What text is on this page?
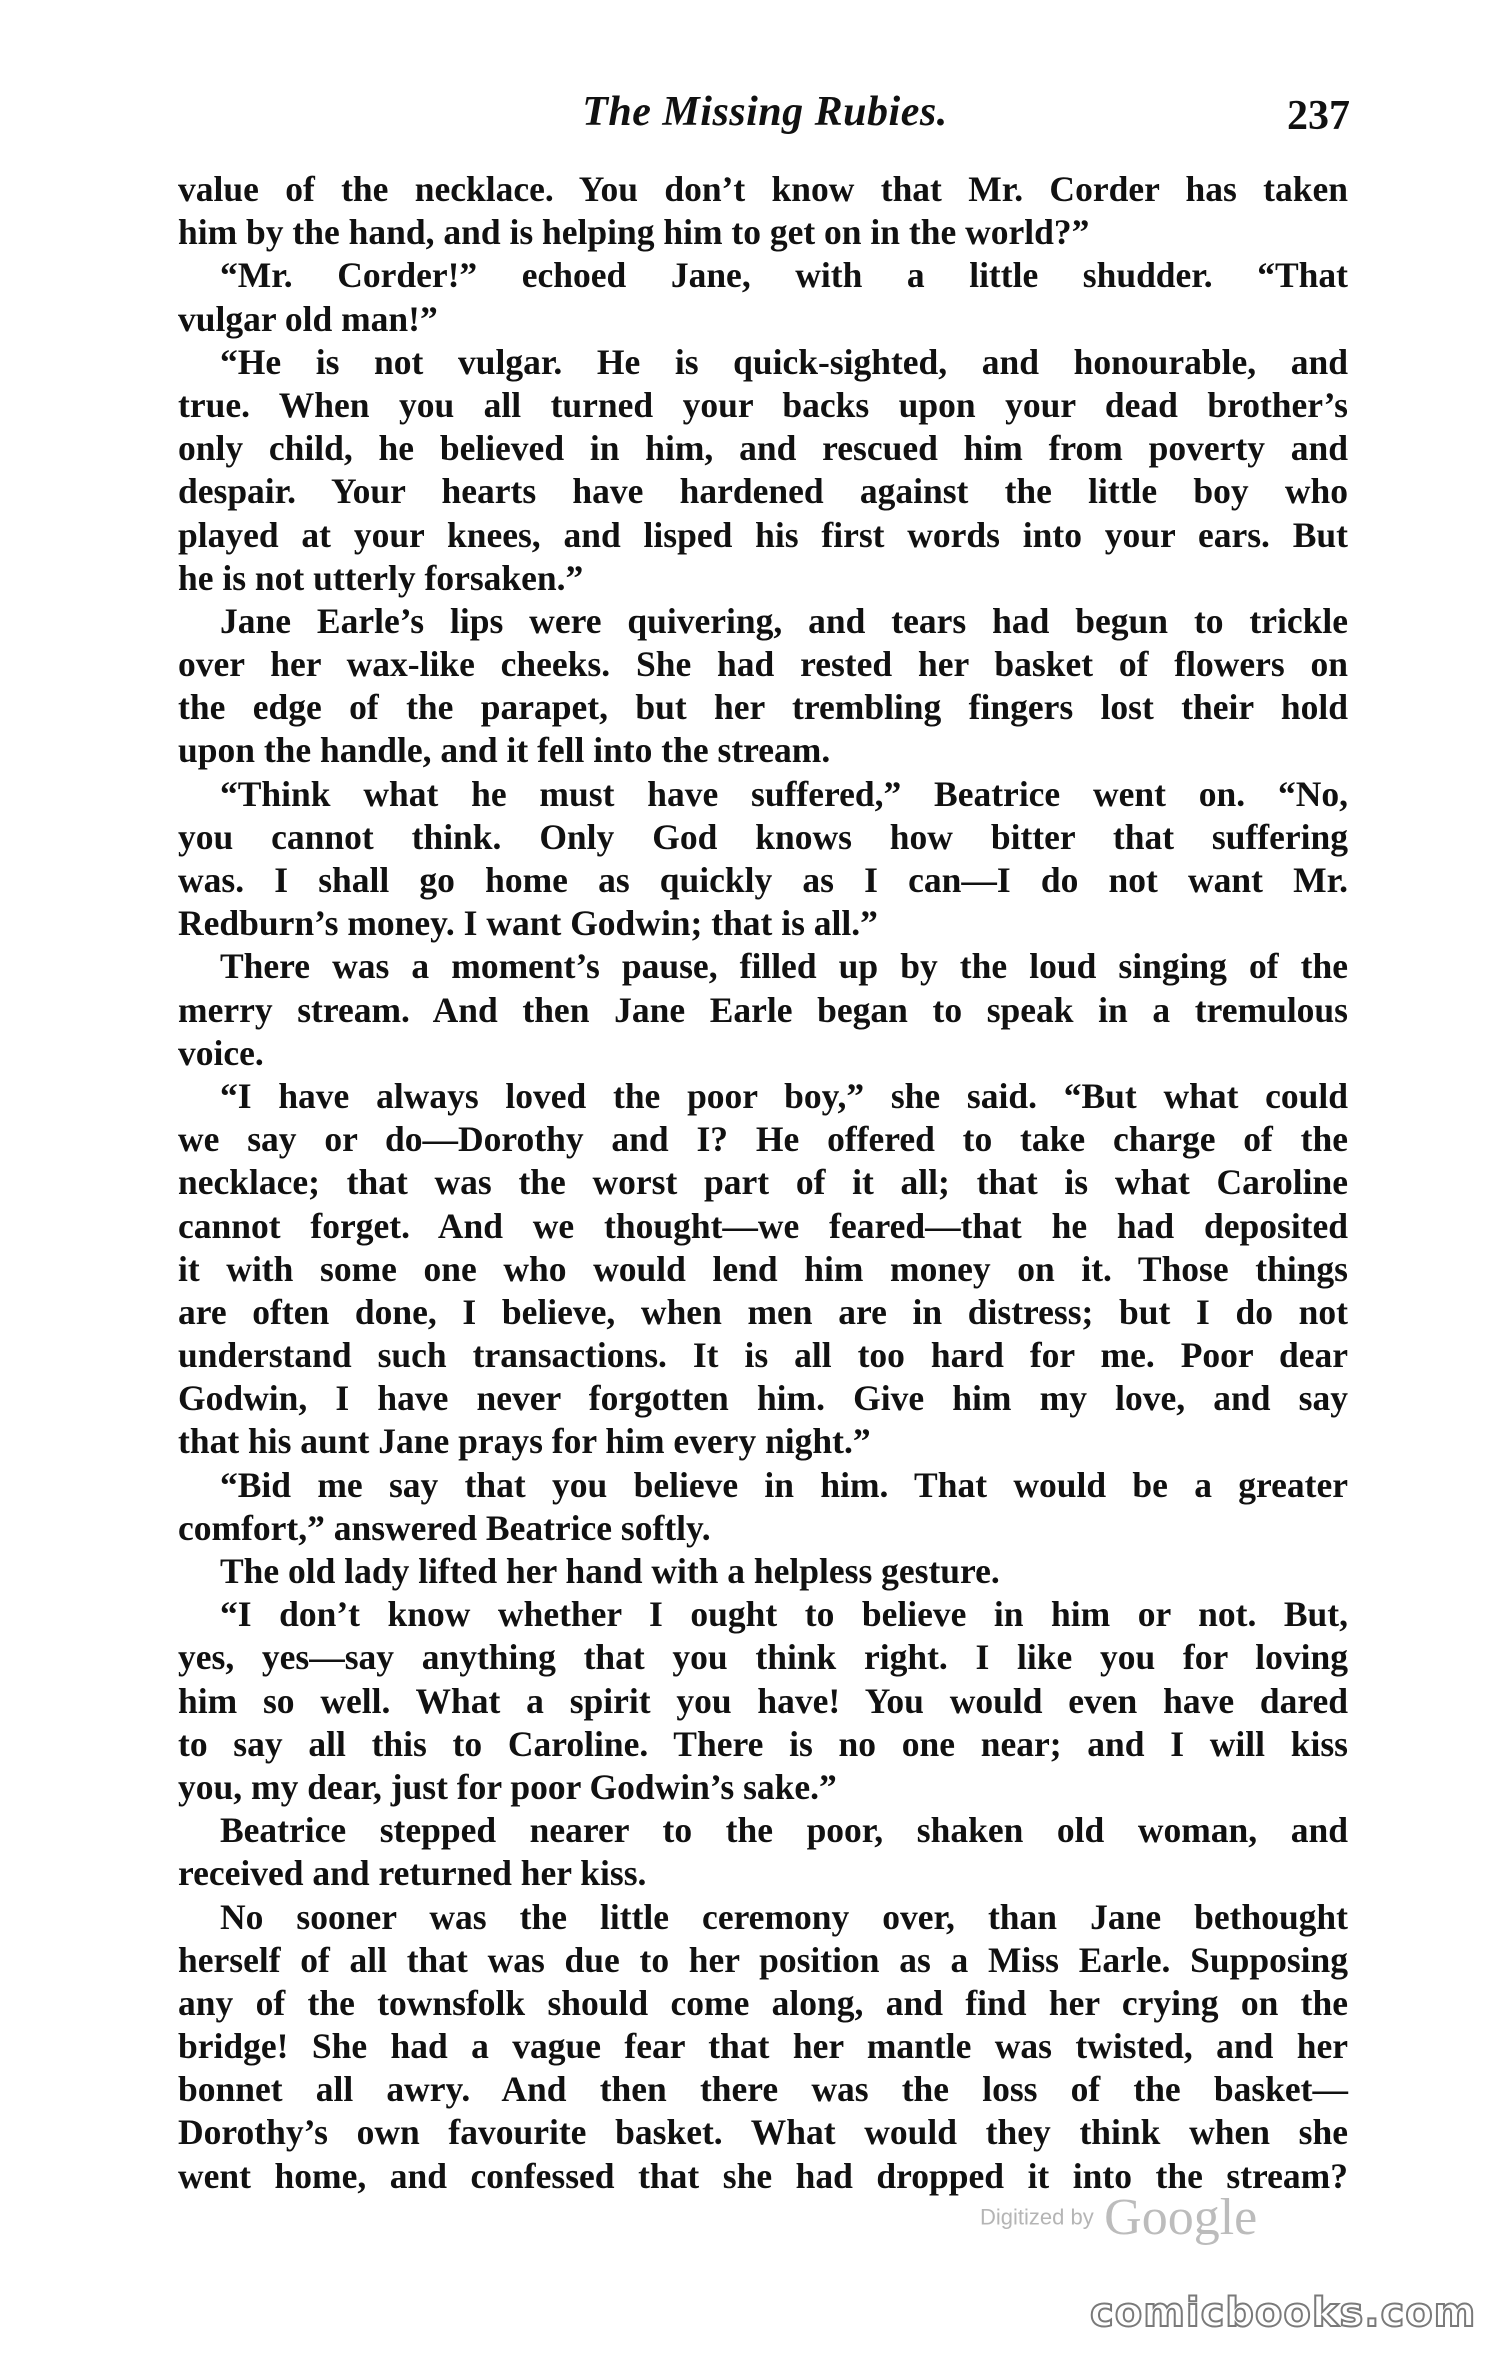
The Missing Rubies.	237
value of the necklace. You don’t know that Mr. Corder has taken
him by the hand, and is helping him to get on in the world?”
“Mr. Corder!” echoed Jane, with a little shudder. “That
vulgar old man!”
“He is not vulgar. He is quick-sighted, and honourable, and
true. When you all turned your backs upon your dead brother’s
only child, he believed in him, and rescued him from poverty and
despair. Your hearts have hardened against the little boy who
played at your knees, and lisped his first words into your ears. But
he is not utterly forsaken.”
Jane Earle’s lips were quivering, and tears had begun to trickle
over her wax-like cheeks. She had rested her basket of flowers on
the edge of the parapet, but her trembling fingers lost their hold
upon the handle, and it fell into the stream.
“Think what he must have suffered,” Beatrice went on. “No,
you cannot think. Only God knows how bitter that suffering
was. I shall go home as quickly as I can—I do not want Mr.
Redburn’s money. I want Godwin; that is all.”
There was a moment’s pause, filled up by the loud singing of the
merry stream. And then Jane Earle began to speak in a tremulous
voice.
“I have always loved the poor boy,” she said. “But what could
we say or do—Dorothy and I? He offered to take charge of the
necklace; that was the worst part of it all; that is what Caroline
cannot forget. And we thought—we feared—that he had deposited
it with some one who would lend him money on it. Those things
are often done, I believe, when men are in distress; but I do not
understand such transactions. It is all too hard for me. Poor dear
Godwin, I have never forgotten him. Give him my love, and say
that his aunt Jane prays for him every night.”
“Bid me say that you believe in him. That would be a greater
comfort,” answered Beatrice softly.
The old lady lifted her hand with a helpless gesture.
“I don’t know whether I ought to believe in him or not. But,
yes, yes—say anything that you think right. I like you for loving
him so well. What a spirit you have! You would even have dared
to say all this to Caroline. There is no one near; and I will kiss
you, my dear, just for poor Godwin’s sake.”
Beatrice stepped nearer to the poor, shaken old woman, and
received and returned her kiss.
No sooner was the little ceremony over, than Jane bethought
herself of all that was due to her position as a Miss Earle. Supposing
any of the townsfolk should come along, and find her crying on the
bridge! She had a vague fear that her mantle was twisted, and her
bonnet all awry. And then there was the loss of the basket—
Dorothy’s own favourite basket. What would they think when she
went home, and confessed that she had dropped it into the stream?
Digitized by Google
comicbooks.com
